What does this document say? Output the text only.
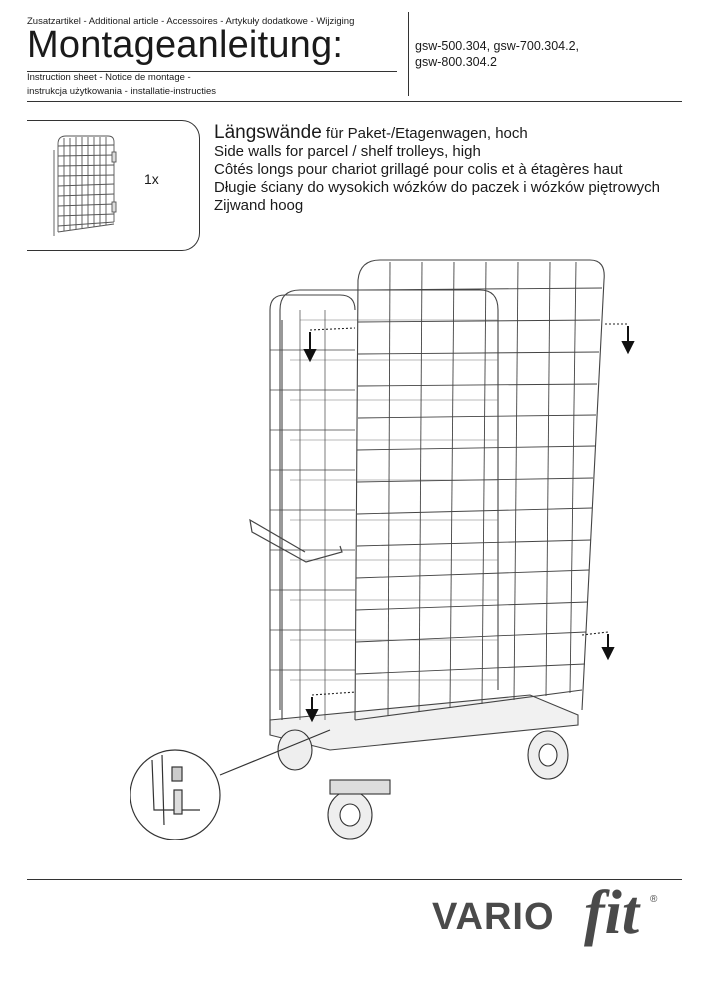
Zusatzartikel - Additional article - Accessoires - Artykuły dodatkowe - Wijziging
Montageanleitung:
Instruction sheet - Notice de montage -
instrukcja użytkowania - installatie-instructies
gsw-500.304, gsw-700.304.2,
gsw-800.304.2
1x
Längswände für Paket-/Etagenwagen, hoch
Side walls for parcel / shelf trolleys, high
Côtés longs pour chariot grillagé pour colis et à étagères haut
Długie ściany do wysokich wózków do paczek i wózków piętrowych
Zijwand hoog
VARIO fit ®
